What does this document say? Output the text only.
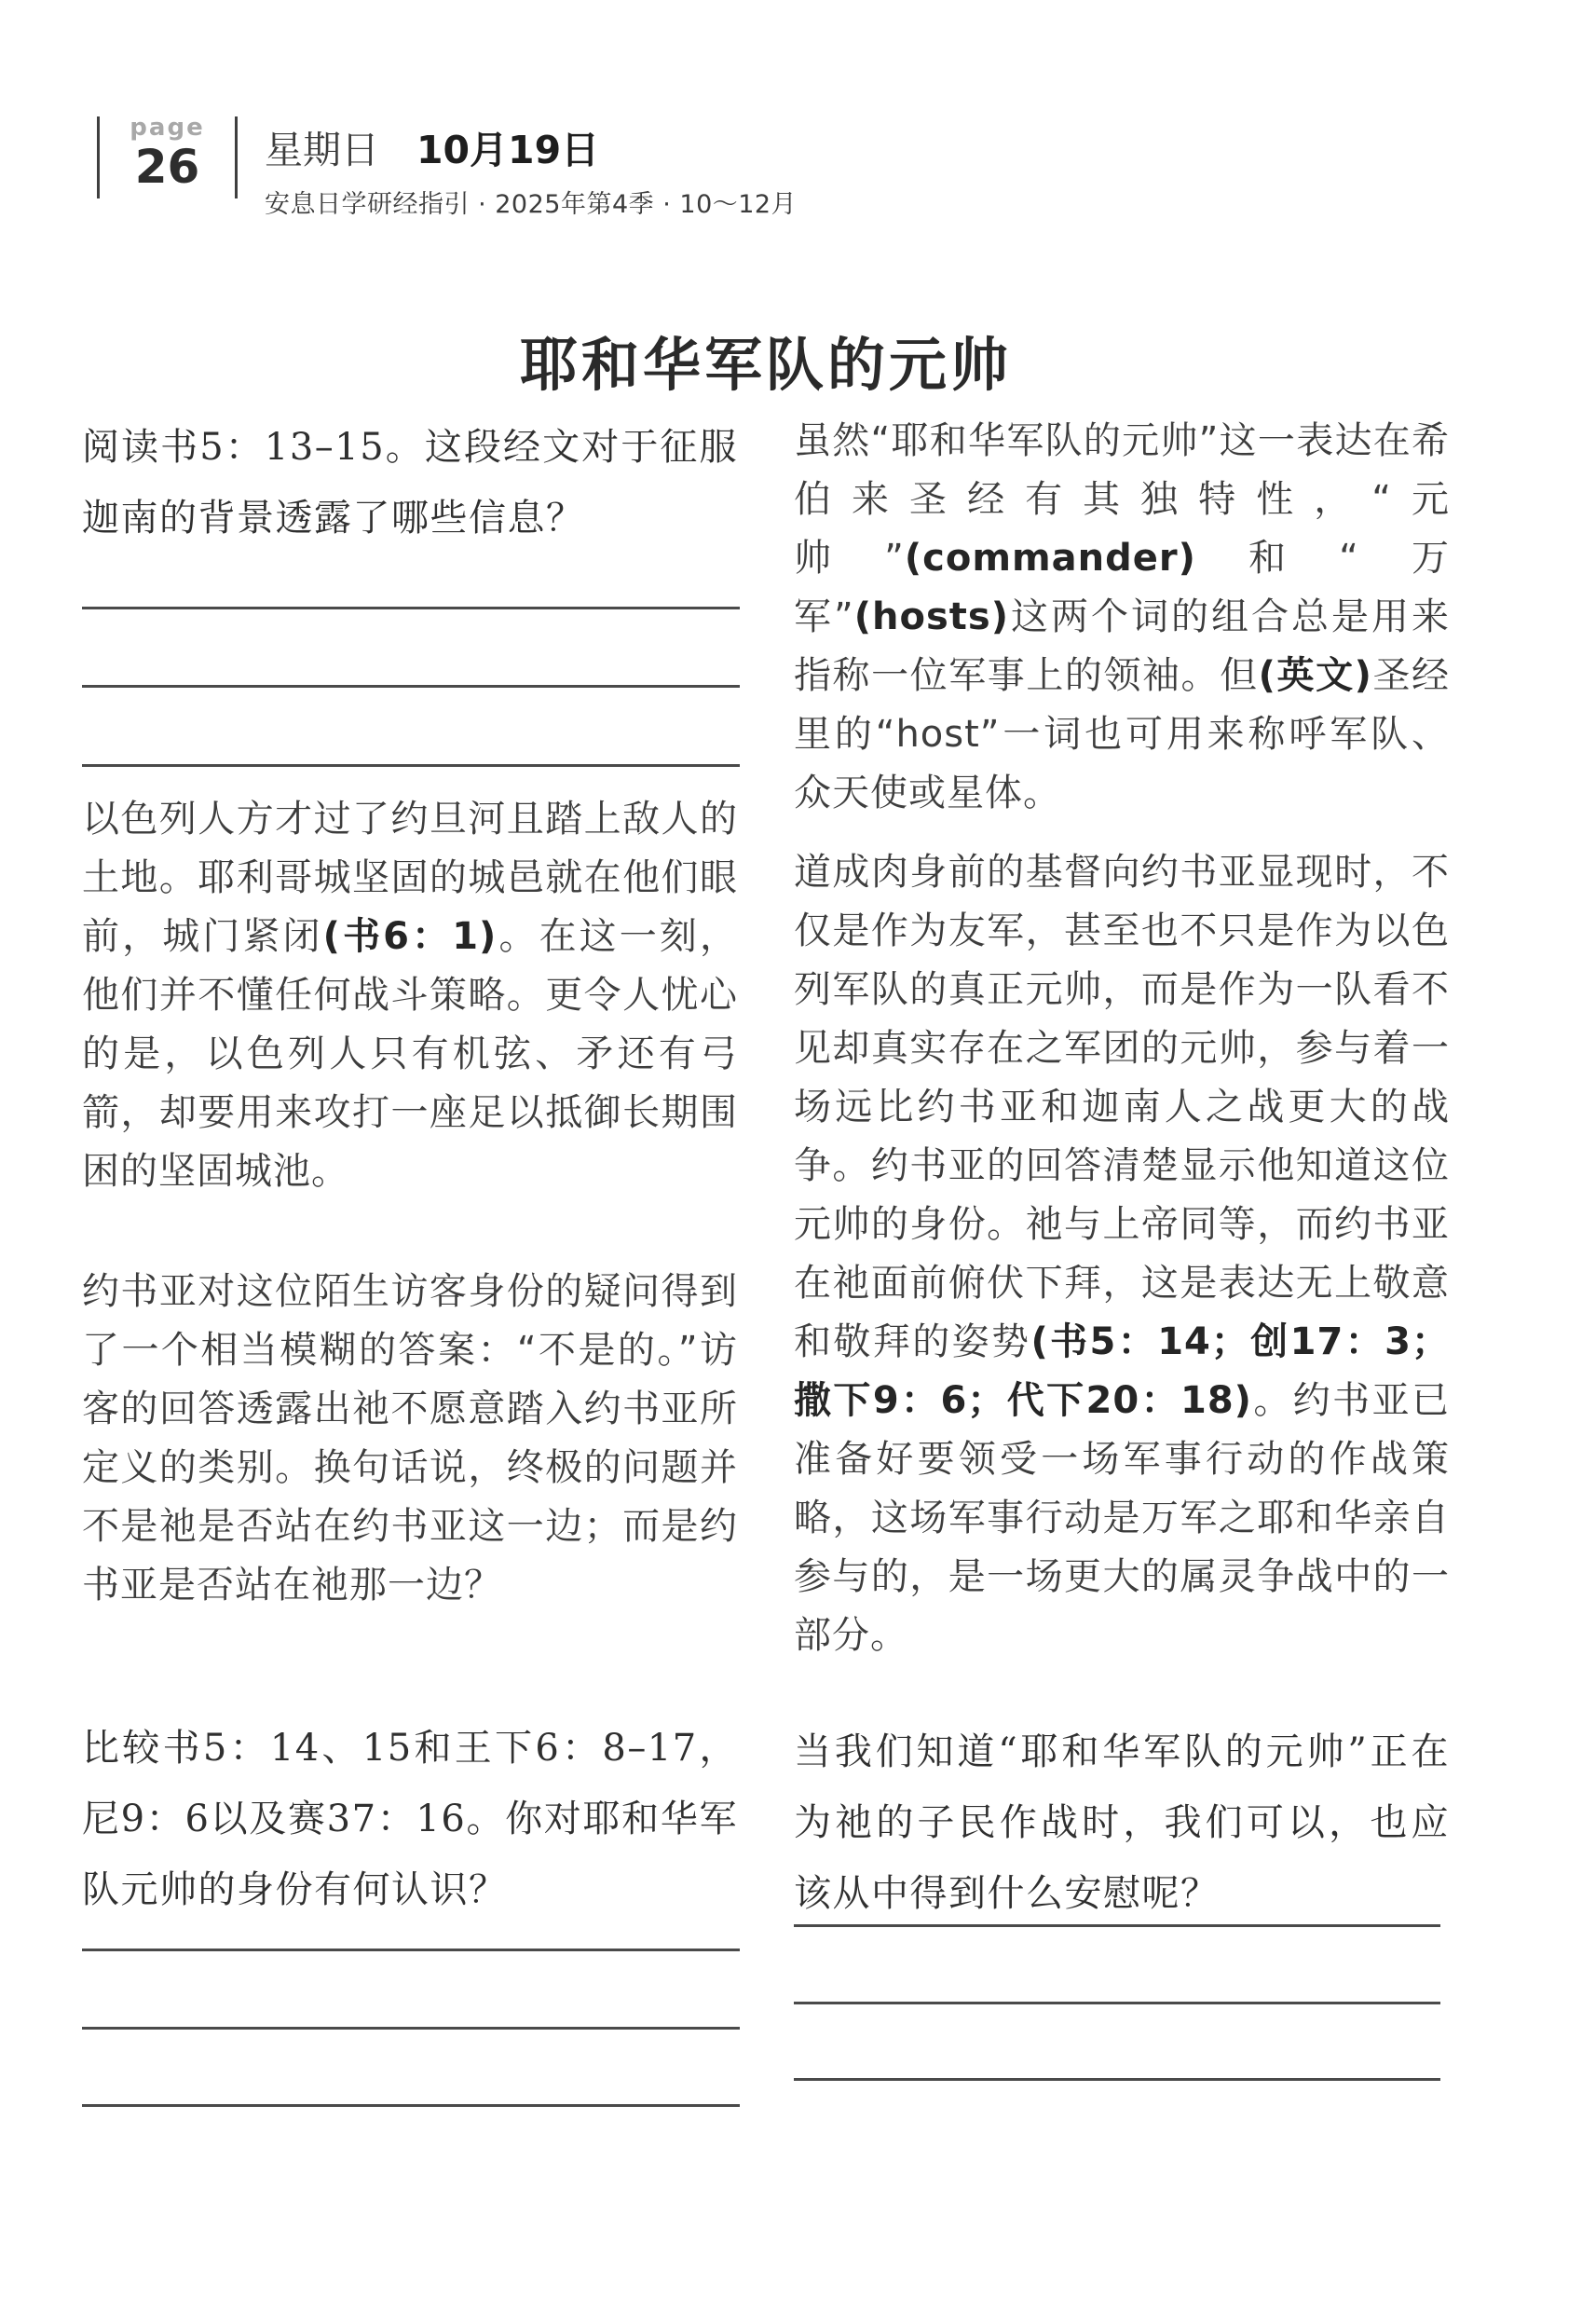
page
26	星期日 10月19日
安息日学研经指引 · 2025年第4季 · 10～12月
耶和华军队的元帅
阅读书5：13–15。这段经文对于征服迦南的背景透露了哪些信息？
以色列人方才过了约旦河且踏上敌人的土地。耶利哥城坚固的城邑就在他们眼前，城门紧闭(书6：1)。在这一刻，他们并不懂任何战斗策略。更令人忧心的是，以色列人只有机弦、矛还有弓箭，却要用来攻打一座足以抵御长期围困的坚固城池。
约书亚对这位陌生访客身份的疑问得到了一个相当模糊的答案：“不是的。”访客的回答透露出祂不愿意踏入约书亚所定义的类别。换句话说，终极的问题并不是祂是否站在约书亚这一边；而是约书亚是否站在祂那一边？
比较书5：14、15和王下6：8–17，尼9：6以及赛37：16。你对耶和华军队元帅的身份有何认识？
虽然“耶和华军队的元帅”这一表达在希伯来圣经有其独特性，“元帅”(commander)和“万军”(hosts)这两个词的组合总是用来指称一位军事上的领袖。但(英文)圣经里的“host”一词也可用来称呼军队、众天使或星体。
道成肉身前的基督向约书亚显现时，不仅是作为友军，甚至也不只是作为以色列军队的真正元帅，而是作为一队看不见却真实存在之军团的元帅，参与着一场远比约书亚和迦南人之战更大的战争。约书亚的回答清楚显示他知道这位元帅的身份。祂与上帝同等，而约书亚在祂面前俯伏下拜，这是表达无上敬意和敬拜的姿势(书5：14；创17：3；撒下9：6；代下20：18)。约书亚已准备好要领受一场军事行动的作战策略，这场军事行动是万军之耶和华亲自参与的，是一场更大的属灵争战中的一部分。
当我们知道“耶和华军队的元帅”正在为祂的子民作战时，我们可以，也应该从中得到什么安慰呢？
